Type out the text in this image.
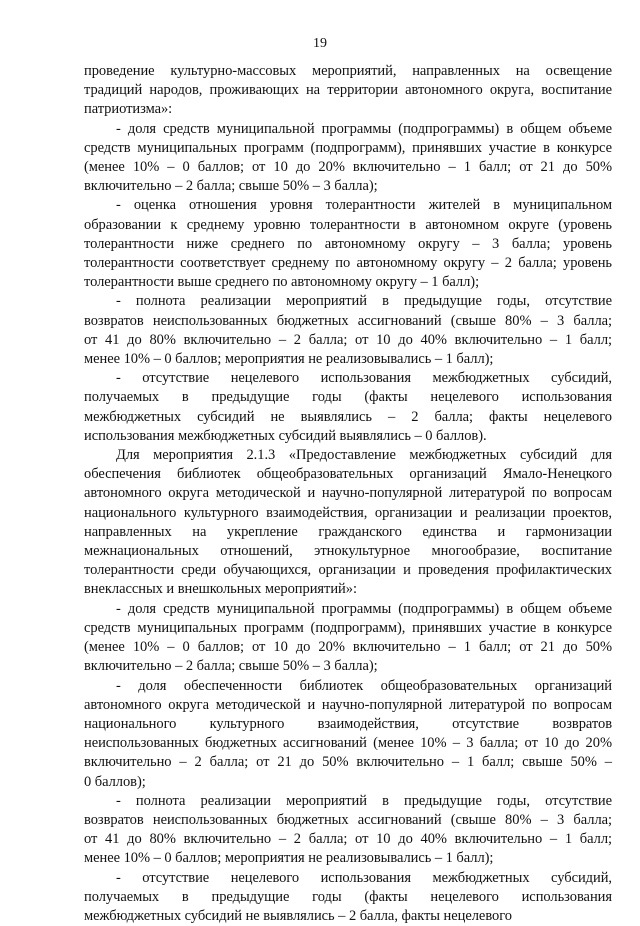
19
проведение культурно-массовых мероприятий, направленных на освещение
традиций народов, проживающих на территории автономного округа, воспитание
патриотизма»:
- доля средств муниципальной программы (подпрограммы) в общем объеме
средств муниципальных программ (подпрограмм), принявших участие в конкурсе
(менее 10% – 0 баллов; от 10 до 20% включительно – 1 балл; от 21 до 50%
включительно – 2 балла; свыше 50% – 3 балла);
- оценка отношения уровня толерантности жителей в муниципальном
образовании к среднему уровню толерантности в автономном округе (уровень
толерантности ниже среднего по автономному округу – 3 балла; уровень
толерантности соответствует среднему по автономному округу – 2 балла; уровень
толерантности выше среднего по автономному округу – 1 балл);
- полнота реализации мероприятий в предыдущие годы, отсутствие
возвратов неиспользованных бюджетных ассигнований (свыше 80% – 3 балла;
от 41 до 80% включительно – 2 балла; от 10 до 40% включительно – 1 балл;
менее 10% – 0 баллов; мероприятия не реализовывались – 1 балл);
- отсутствие нецелевого использования межбюджетных субсидий,
получаемых в предыдущие годы (факты нецелевого использования
межбюджетных субсидий не выявлялись – 2 балла; факты нецелевого
использования межбюджетных субсидий выявлялись – 0 баллов).
Для мероприятия 2.1.3 «Предоставление межбюджетных субсидий для
обеспечения библиотек общеобразовательных организаций Ямало-Ненецкого
автономного округа методической и научно-популярной литературой по вопросам
национального культурного взаимодействия, организации и реализации проектов,
направленных на укрепление гражданского единства и гармонизации
межнациональных отношений, этнокультурное многообразие, воспитание
толерантности среди обучающихся, организации и проведения профилактических
внеклассных и внешкольных мероприятий»:
- доля средств муниципальной программы (подпрограммы) в общем объеме
средств муниципальных программ (подпрограмм), принявших участие в конкурсе
(менее 10% – 0 баллов; от 10 до 20% включительно – 1 балл; от 21 до 50%
включительно – 2 балла; свыше 50% – 3 балла);
- доля обеспеченности библиотек общеобразовательных организаций
автономного округа методической и научно-популярной литературой по вопросам
национального культурного взаимодействия, отсутствие возвратов
неиспользованных бюджетных ассигнований (менее 10% – 3 балла; от 10 до 20%
включительно – 2 балла; от 21 до 50% включительно – 1 балл; свыше 50% –
0 баллов);
- полнота реализации мероприятий в предыдущие годы, отсутствие
возвратов неиспользованных бюджетных ассигнований (свыше 80% – 3 балла;
от 41 до 80% включительно – 2 балла; от 10 до 40% включительно – 1 балл;
менее 10% – 0 баллов; мероприятия не реализовывались – 1 балл);
- отсутствие нецелевого использования межбюджетных субсидий,
получаемых в предыдущие годы (факты нецелевого использования
межбюджетных субсидий не выявлялись – 2 балла, факты нецелевого
